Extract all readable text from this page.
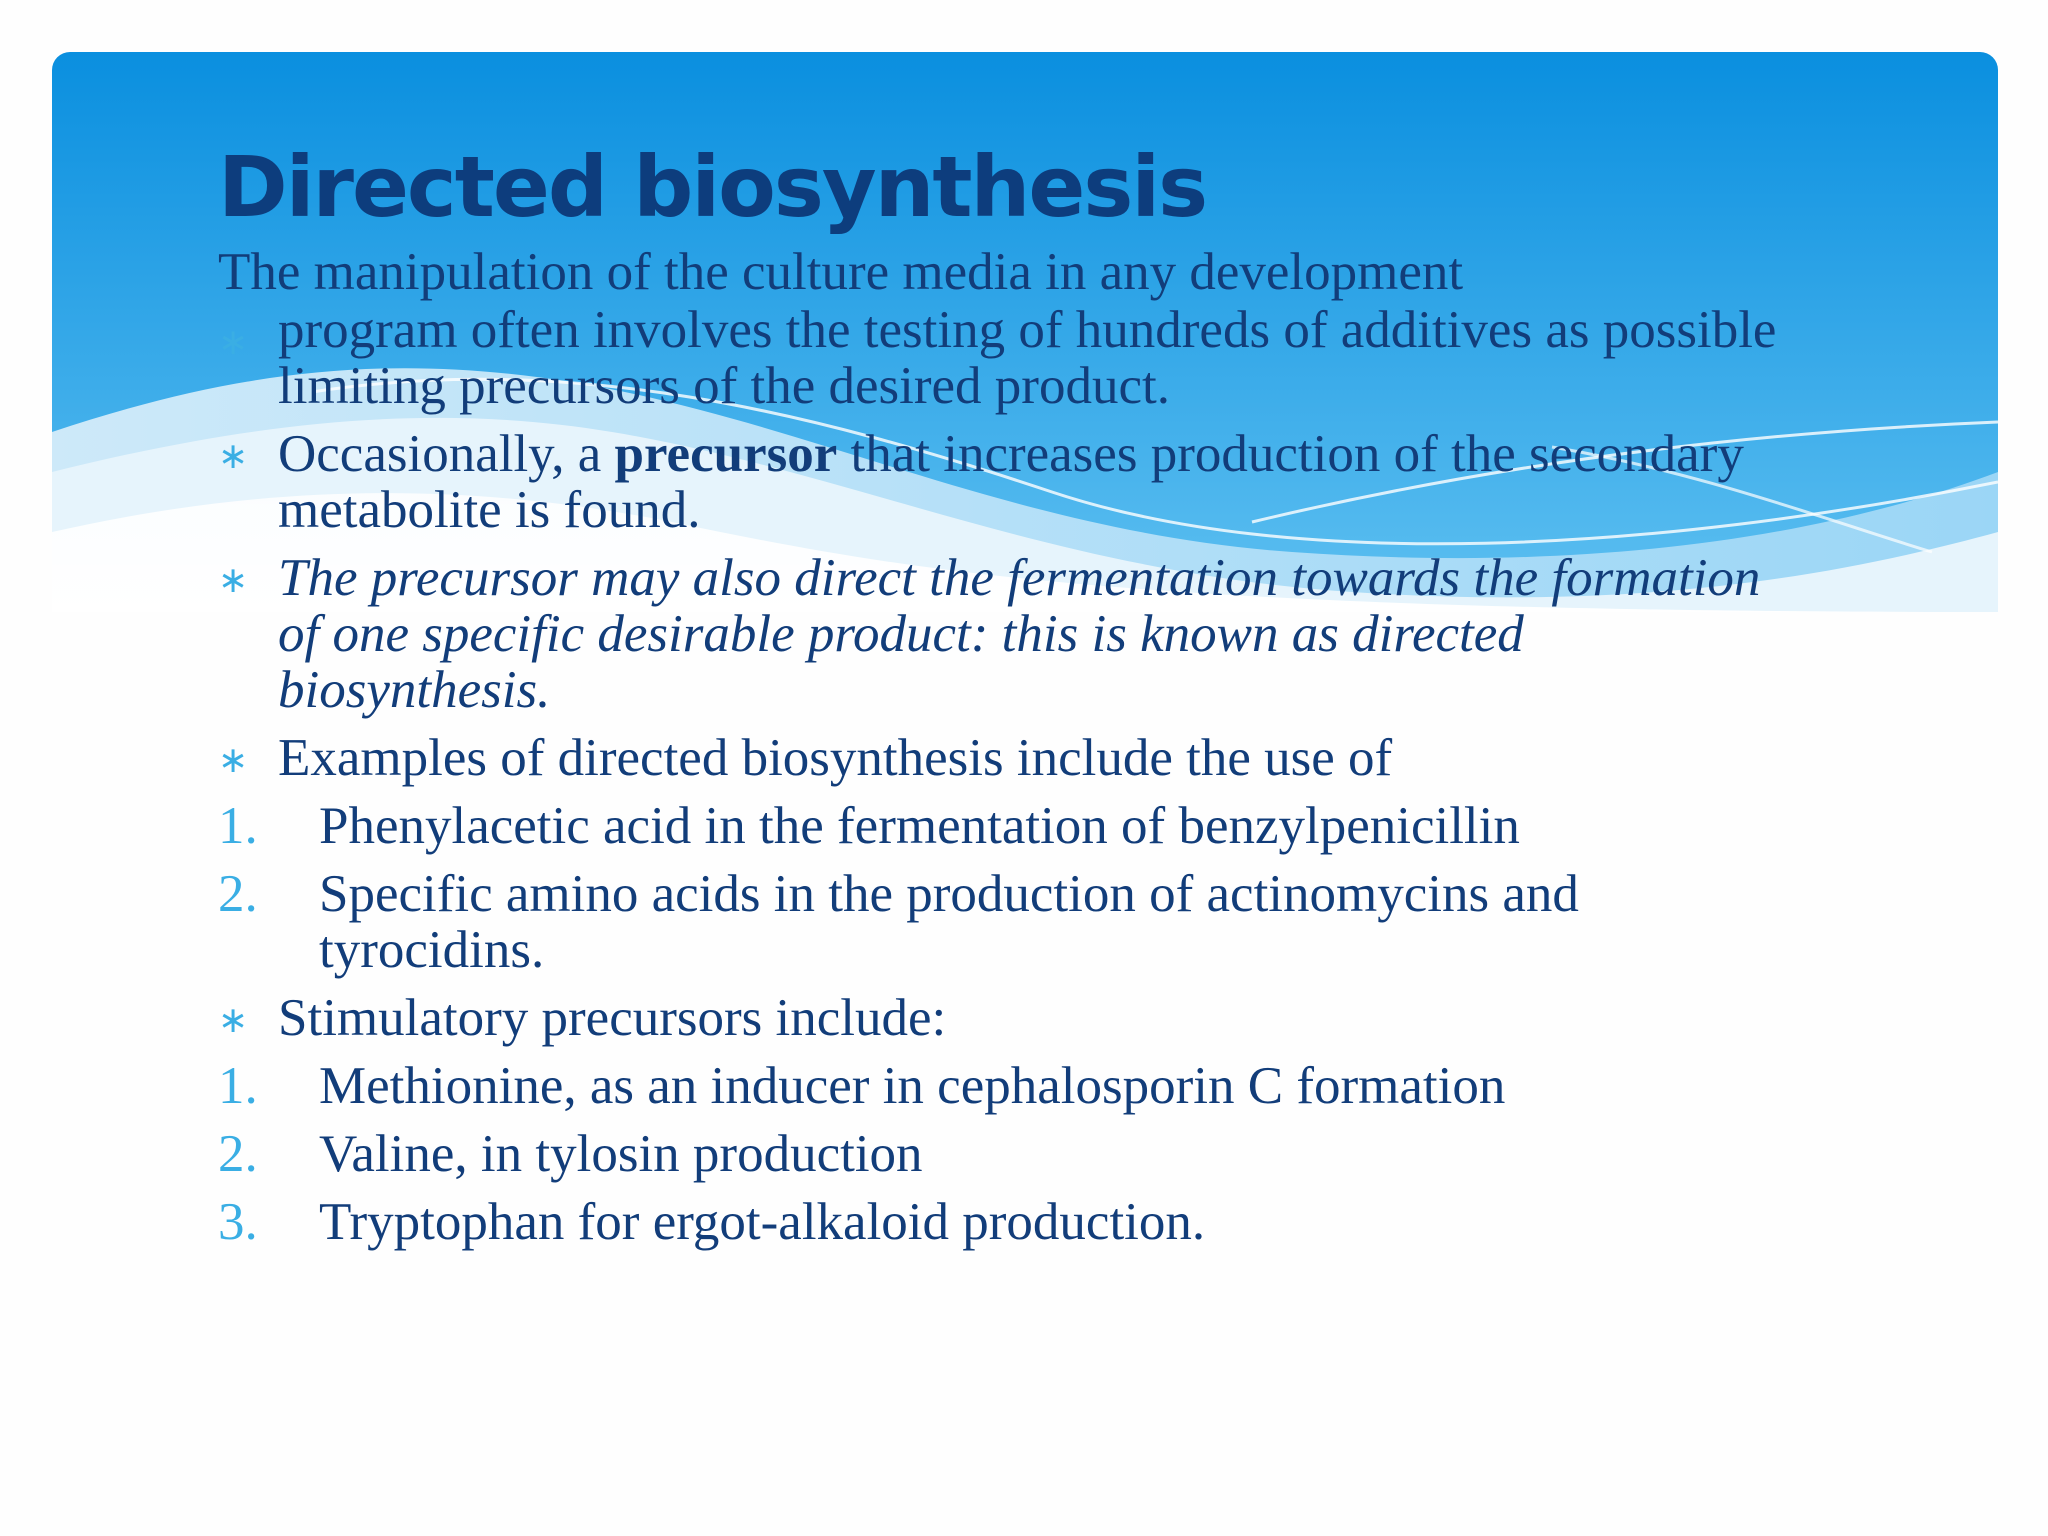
Directed biosynthesis

The manipulation of the culture media in any development

∗ program often involves the testing of hundreds of additives as possible limiting precursors of the desired product.
∗ Occasionally, a precursor that increases production of the secondary metabolite is found.
∗ The precursor may also direct the fermentation towards the formation of one specific desirable product: this is known as directed biosynthesis.
∗ Examples of directed biosynthesis include the use of
1.	Phenylacetic acid in the fermentation of benzylpenicillin
2.	Specific amino acids in the production of actinomycins and tyrocidins.
∗ Stimulatory precursors include:
1.	Methionine, as an inducer in cephalosporin C formation
2.	Valine, in tylosin production
3.	Tryptophan for ergot-alkaloid production.
